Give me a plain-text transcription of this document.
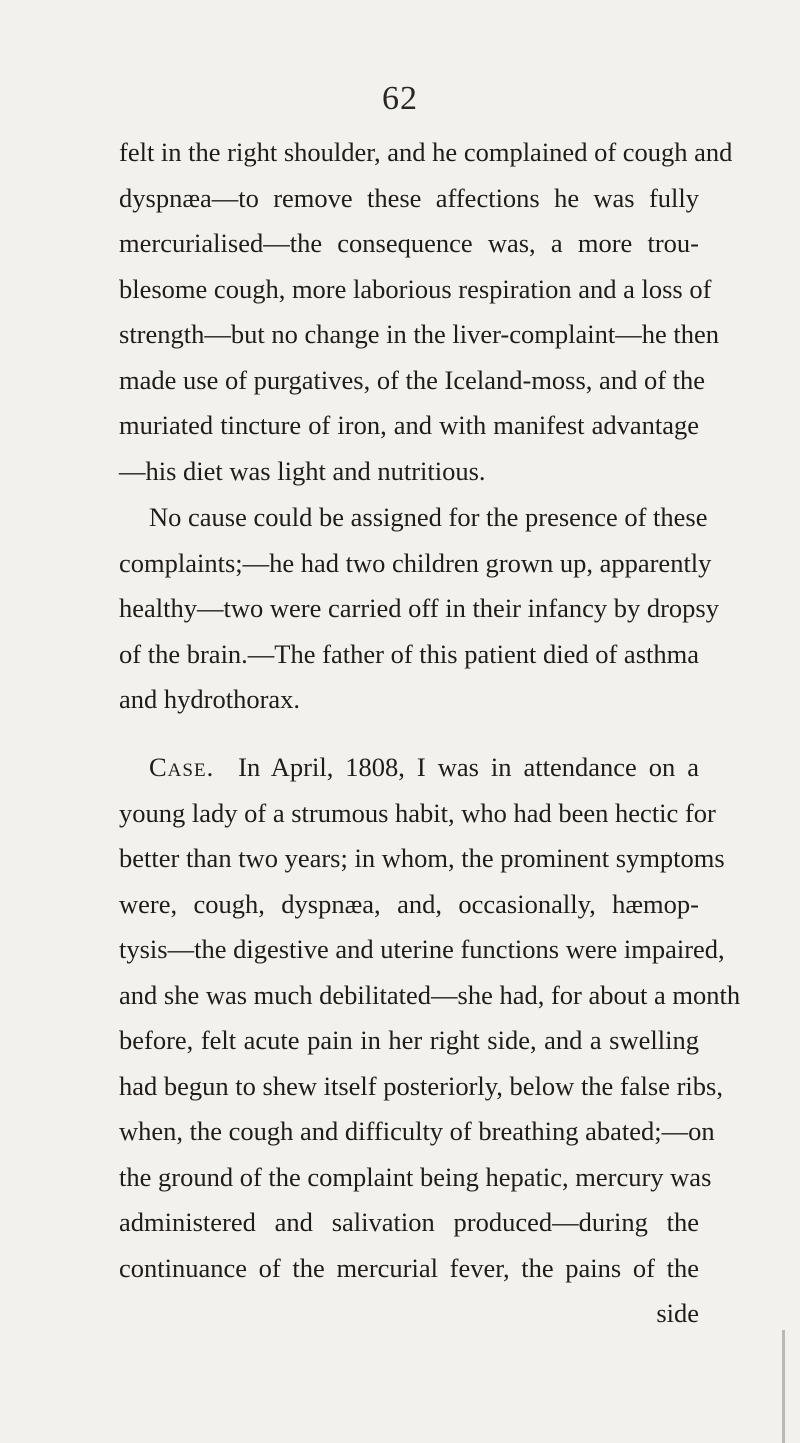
62
felt in the right shoulder, and he complained of cough and
dyspnæa—to remove these affections he was fully
mercurialised—the consequence was, a more trou-
blesome cough, more laborious respiration and a loss of
strength—but no change in the liver-complaint—he then
made use of purgatives, of the Iceland-moss, and of the
muriated tincture of iron, and with manifest advantage
—his diet was light and nutritious.
No cause could be assigned for the presence of these
complaints;—he had two children grown up, apparently
healthy—two were carried off in their infancy by dropsy
of the brain.—The father of this patient died of asthma
and hydrothorax.
Case. In April, 1808, I was in attendance on a
young lady of a strumous habit, who had been hectic for
better than two years; in whom, the prominent symptoms
were, cough, dyspnæa, and, occasionally, hæmop-
tysis—the digestive and uterine functions were impaired,
and she was much debilitated—she had, for about a month
before, felt acute pain in her right side, and a swelling
had begun to shew itself posteriorly, below the false ribs,
when, the cough and difficulty of breathing abated;—on
the ground of the complaint being hepatic, mercury was
administered and salivation produced—during the
continuance of the mercurial fever, the pains of the
side
